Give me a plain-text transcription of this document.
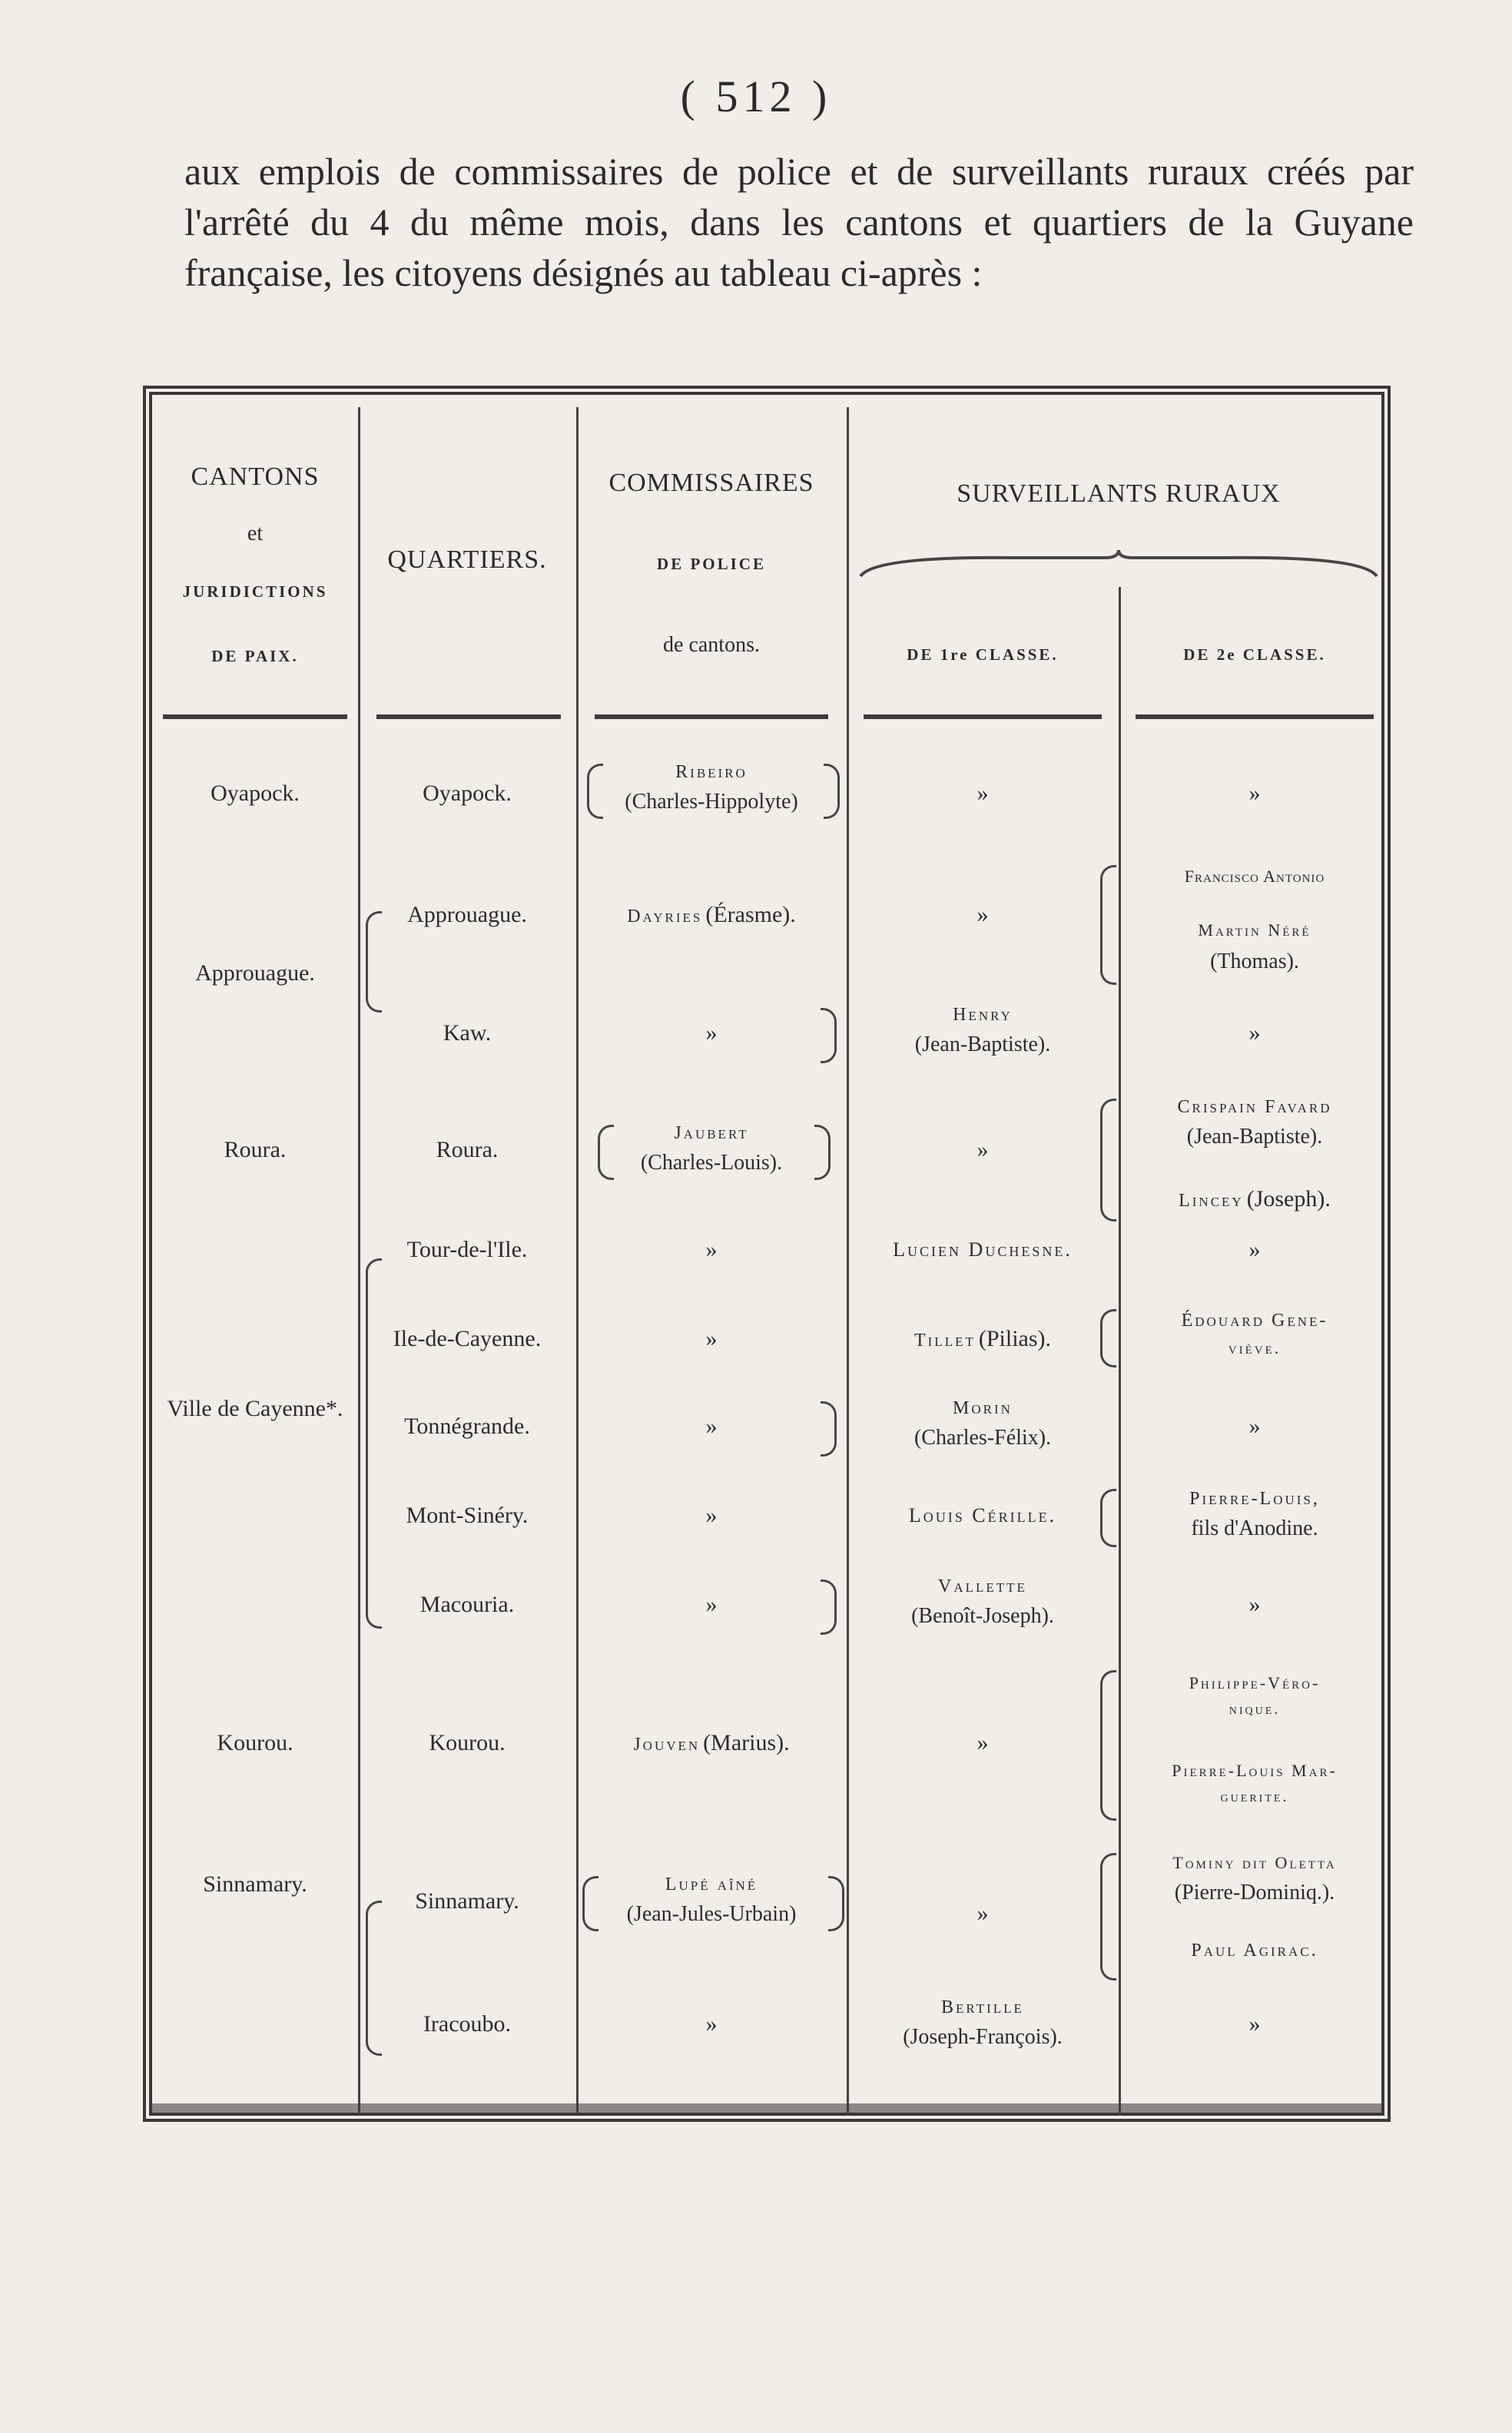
( 512 )

aux emplois de commissaires de police et de surveillants ruraux créés par l'arrêté du 4 du même mois, dans les cantons et quartiers de la Guyane française, les citoyens désignés au tableau ci-après :

CANTONS
et
JURIDICTIONS
DE PAIX.
QUARTIERS.
COMMISSAIRES
DE POLICE
de cantons.
SURVEILLANTS RURAUX
DE 1re CLASSE.	DE 2e CLASSE.
Oyapock.
Approuague.
Roura.
Ville de Cayenne*.
Kourou.
Sinnamary.
Oyapock.
Approuague.
Kaw.
Roura.
Tour-de-l'Ile.
Ile-de-Cayenne.
Tonnégrande.
Mont-Sinéry.
Macouria.
Kourou.
Sinnamary.
Iracoubo.
Ribeiro
(Charles-Hippolyte)
Dayries (Érasme).
»
Jaubert
(Charles-Louis).
»
»
»
»
»
Jouven (Marius).
Lupé aîné
(Jean-Jules-Urbain)
»
»
»
Henry
(Jean-Baptiste).
»
Lucien Duchesne.
Tillet (Pilias).
Morin
(Charles-Félix).
Louis Cérille.
Vallette
(Benoît-Joseph).
»
»
Bertille
(Joseph-François).
»
Francisco Antonio
Martin Néré
(Thomas).
»
Crispain Favard
(Jean-Baptiste).
Lincey (Joseph).
»
Édouard Gene-
viève.
»
Pierre-Louis,
fils d'Anodine.
»
Philippe-Véro-
nique.
Pierre-Louis Mar-
guerite.
Tominy dit Oletta
(Pierre-Dominiq.).
Paul Agirac.
»
